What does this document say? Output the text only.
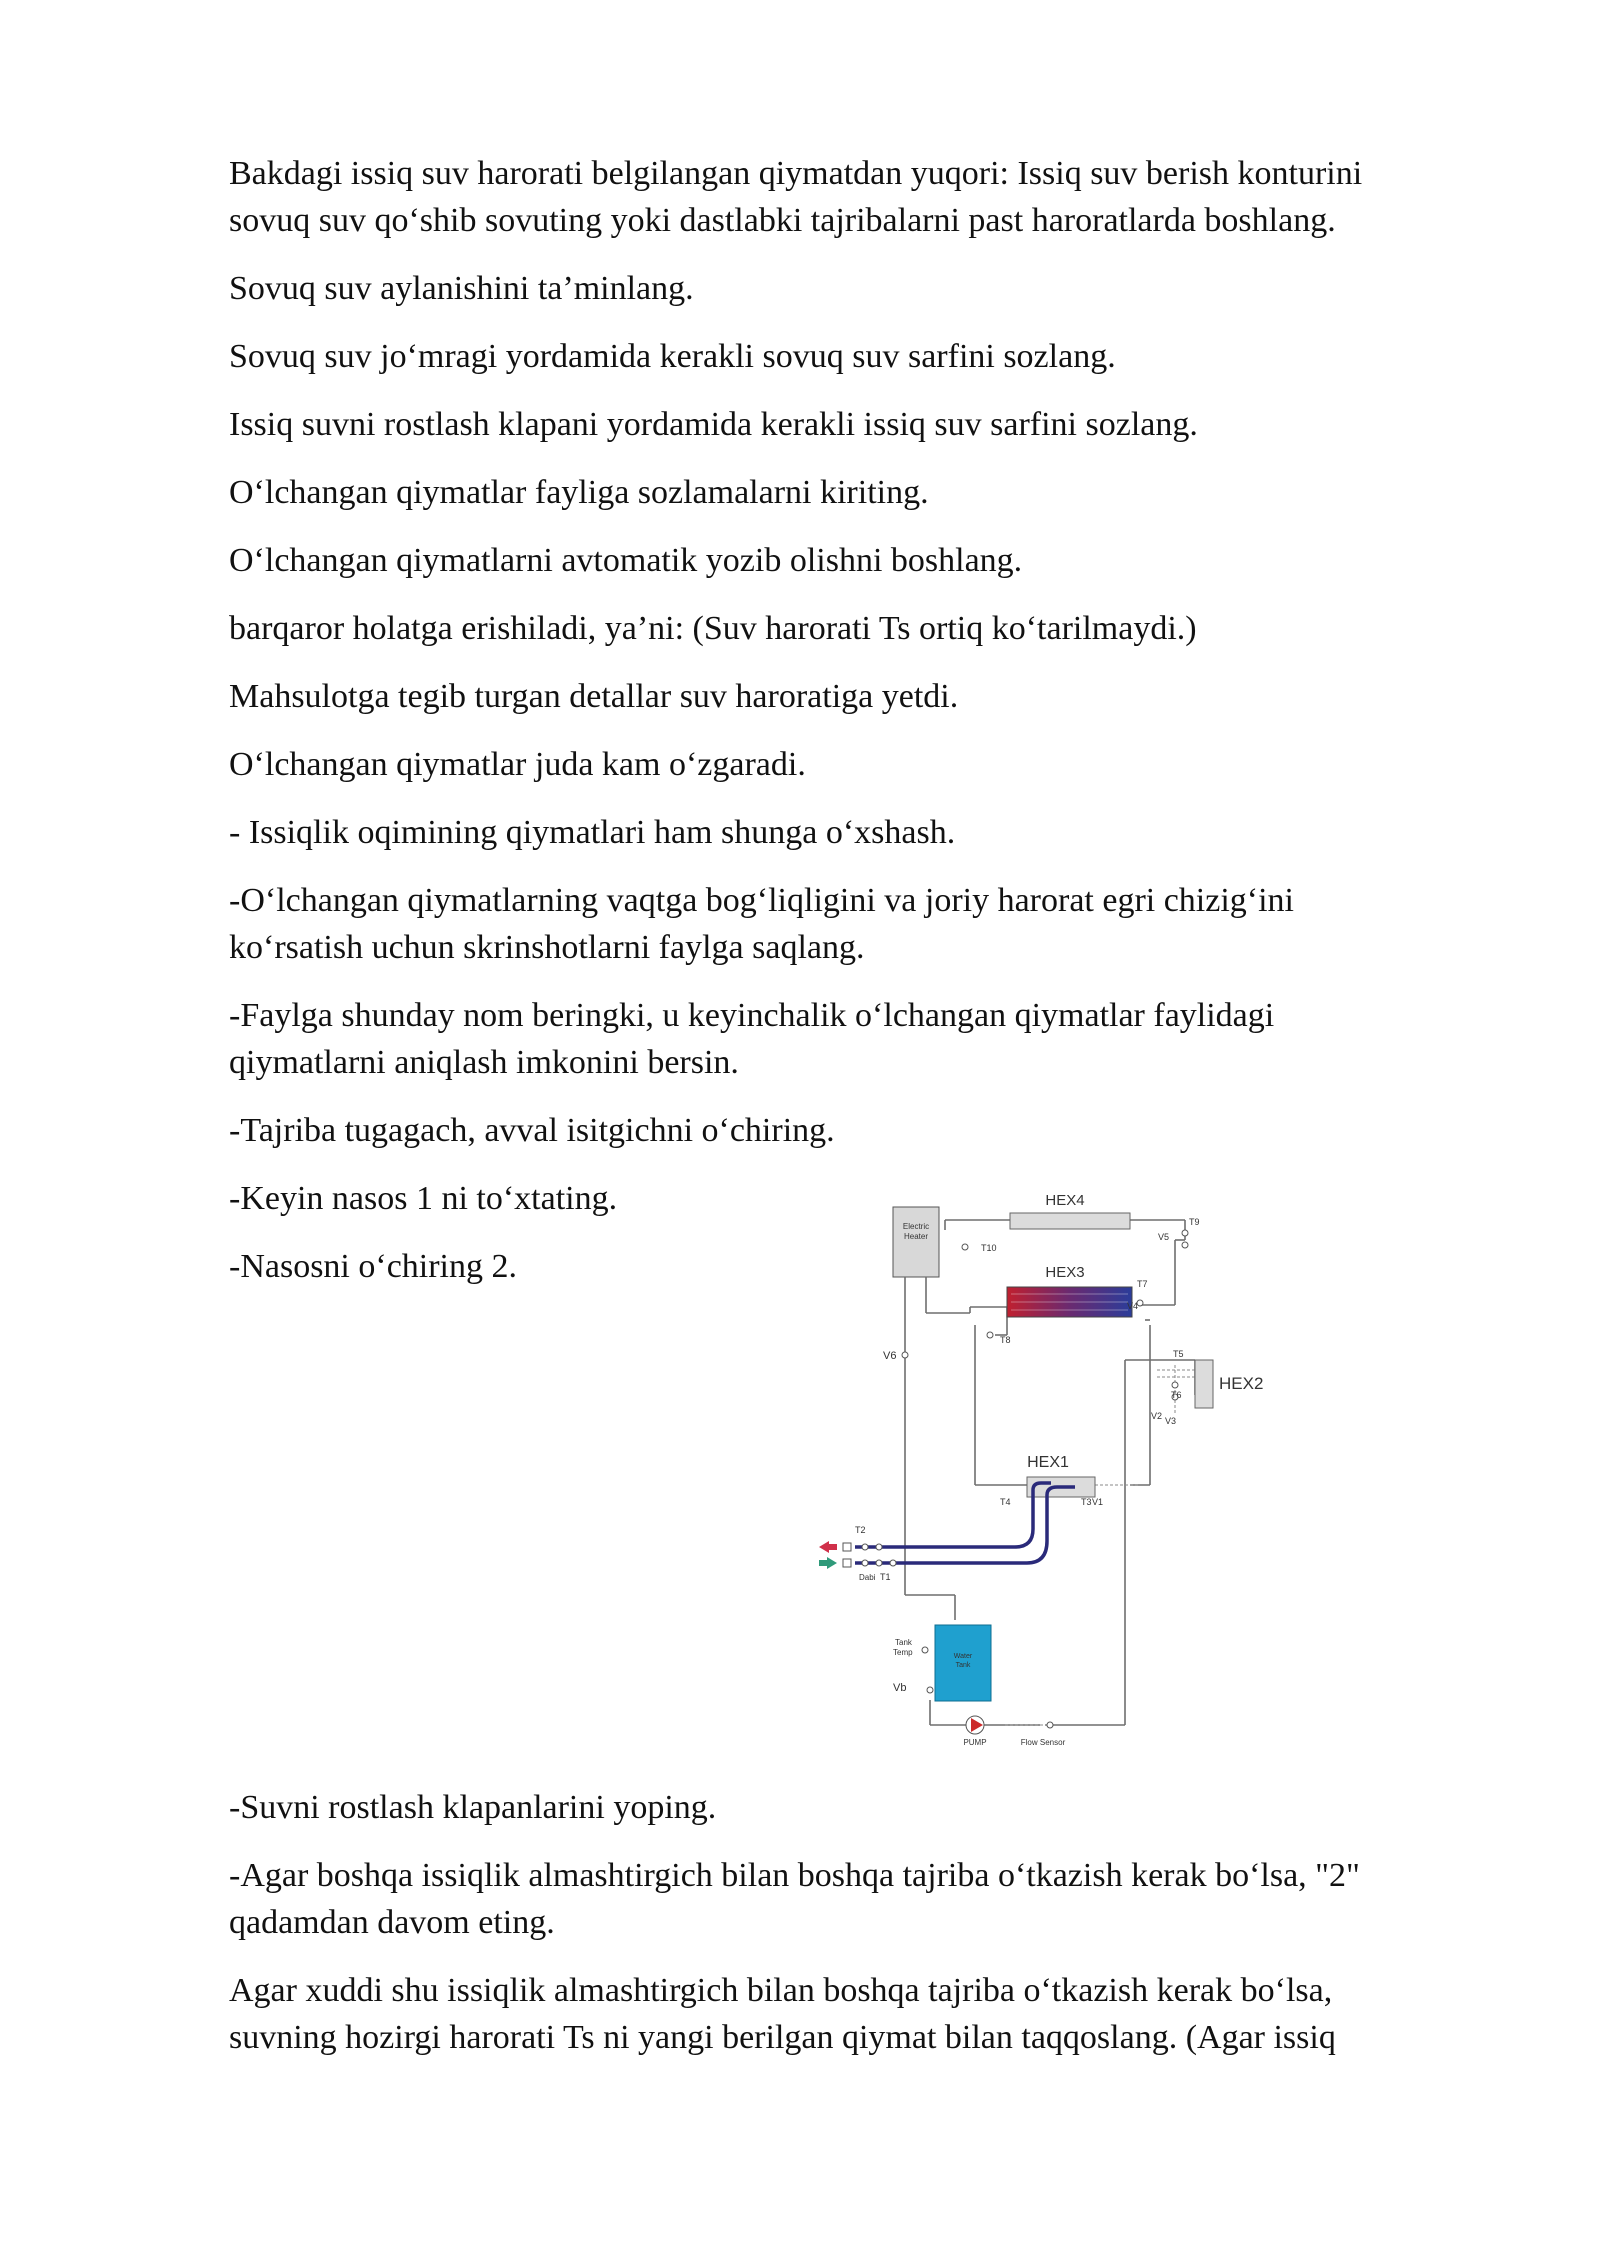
Bakdagi issiq suv harorati belgilangan qiymatdan yuqori: Issiq suv berish konturini
sovuq suv qo‘shib sovuting yoki dastlabki tajribalarni past haroratlarda boshlang.

Sovuq suv aylanishini ta’minlang.

Sovuq suv jo‘mragi yordamida kerakli sovuq suv sarfini sozlang.

Issiq suvni rostlash klapani yordamida kerakli issiq suv sarfini sozlang.

O‘lchangan qiymatlar fayliga sozlamalarni kiriting.

O‘lchangan qiymatlarni avtomatik yozib olishni boshlang.

barqaror holatga erishiladi, ya’ni: (Suv harorati Ts ortiq ko‘tarilmaydi.)

Mahsulotga tegib turgan detallar suv haroratiga yetdi.

O‘lchangan qiymatlar juda kam o‘zgaradi.

- Issiqlik oqimining qiymatlari ham shunga o‘xshash.

-O‘lchangan qiymatlarning vaqtga bog‘liqligini va joriy harorat egri chizig‘ini
ko‘rsatish uchun skrinshotlarni faylga saqlang.

-Faylga shunday nom beringki, u keyinchalik o‘lchangan qiymatlar faylidagi
qiymatlarni aniqlash imkonini bersin.

-Tajriba tugagach, avval isitgichni o‘chiring.

-Keyin nasos 1 ni to‘xtating.

-Nasosni o‘chiring 2.

Electric
Heater
HEX4
HEX3
HEX2
HEX1
Water
Tank
Tank
Temp
PUMP	Flow Sensor
T10
T8
T7
V4
T9
V5
V6	T5
T6
V2 V3
T4	T3 V1
T2
Dabi T1
Vb

-Suvni rostlash klapanlarini yoping.

-Agar boshqa issiqlik almashtirgich bilan boshqa tajriba o‘tkazish kerak bo‘lsa, "2"
qadamdan davom eting.

Agar xuddi shu issiqlik almashtirgich bilan boshqa tajriba o‘tkazish kerak bo‘lsa,
suvning hozirgi harorati Ts ni yangi berilgan qiymat bilan taqqoslang. (Agar issiq
